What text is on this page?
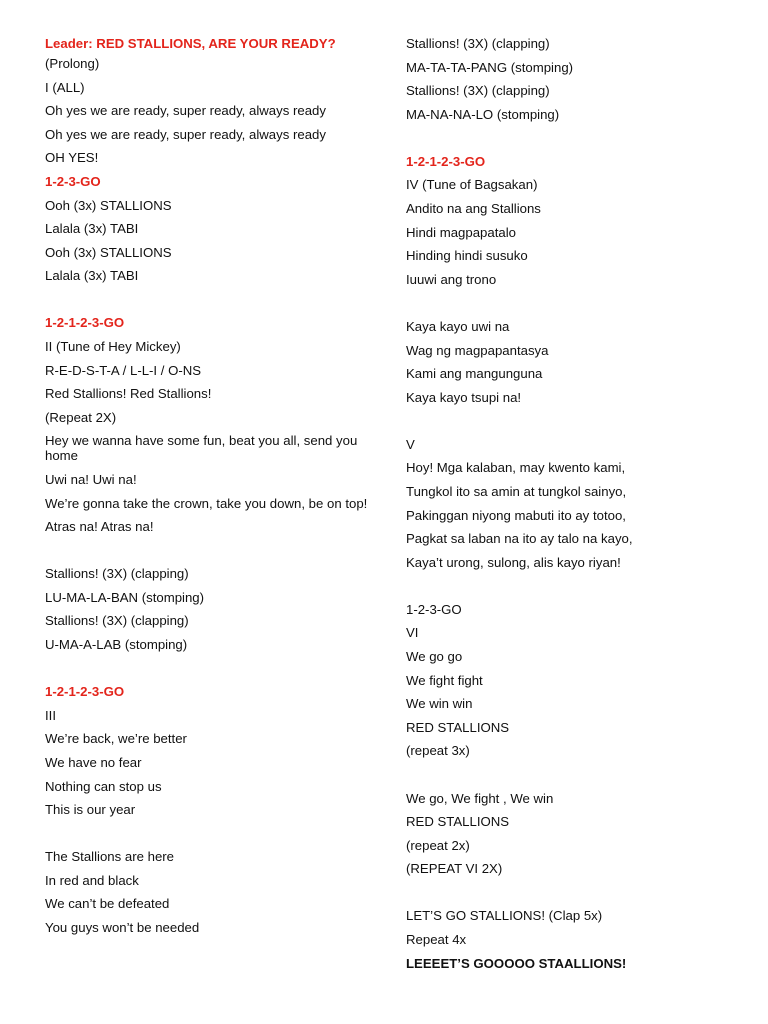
Leader: RED STALLIONS, ARE YOUR READY?
(Prolong)
I (ALL)
Oh yes we are ready, super ready, always ready
Oh yes we are ready, super ready, always ready
OH YES!
1-2-3-GO
Ooh (3x) STALLIONS
Lalala (3x) TABI
Ooh (3x) STALLIONS
Lalala (3x) TABI
1-2-1-2-3-GO
II (Tune of Hey Mickey)
R-E-D-S-T-A / L-L-I / O-NS
Red Stallions! Red Stallions!
(Repeat 2X)
Hey we wanna have some fun, beat you all, send you home
Uwi na! Uwi na!
We’re gonna take the crown, take you down, be on top!
Atras na! Atras na!
Stallions! (3X) (clapping)
LU-MA-LA-BAN (stomping)
Stallions! (3X) (clapping)
U-MA-A-LAB (stomping)
1-2-1-2-3-GO
III
We’re back, we’re better
We have no fear
Nothing can stop us
This is our year
The Stallions are here
In red and black
We can’t be defeated
You guys won’t be needed
Stallions! (3X) (clapping)
MA-TA-TA-PANG (stomping)
Stallions! (3X) (clapping)
MA-NA-NA-LO (stomping)
1-2-1-2-3-GO
IV (Tune of Bagsakan)
Andito na ang Stallions
Hindi magpapatalo
Hinding hindi susuko
Iuuwi ang trono
Kaya kayo uwi na
Wag ng magpapantasya
Kami ang mangunguna
Kaya kayo tsupi na!
V
Hoy! Mga kalaban, may kwento kami,
Tungkol ito sa amin at tungkol sainyo,
Pakinggan niyong mabuti ito ay totoo,
Pagkat sa laban na ito ay talo na kayo,
Kaya’t urong, sulong, alis kayo riyan!
1-2-3-GO
VI
We go go
We fight fight
We win win
RED STALLIONS
(repeat 3x)
We go, We fight , We win
RED STALLIONS
(repeat 2x)
(REPEAT VI 2X)
LET’S GO STALLIONS! (Clap 5x)
Repeat 4x
LEEEET’S GOOOOO STAALLIONS!
